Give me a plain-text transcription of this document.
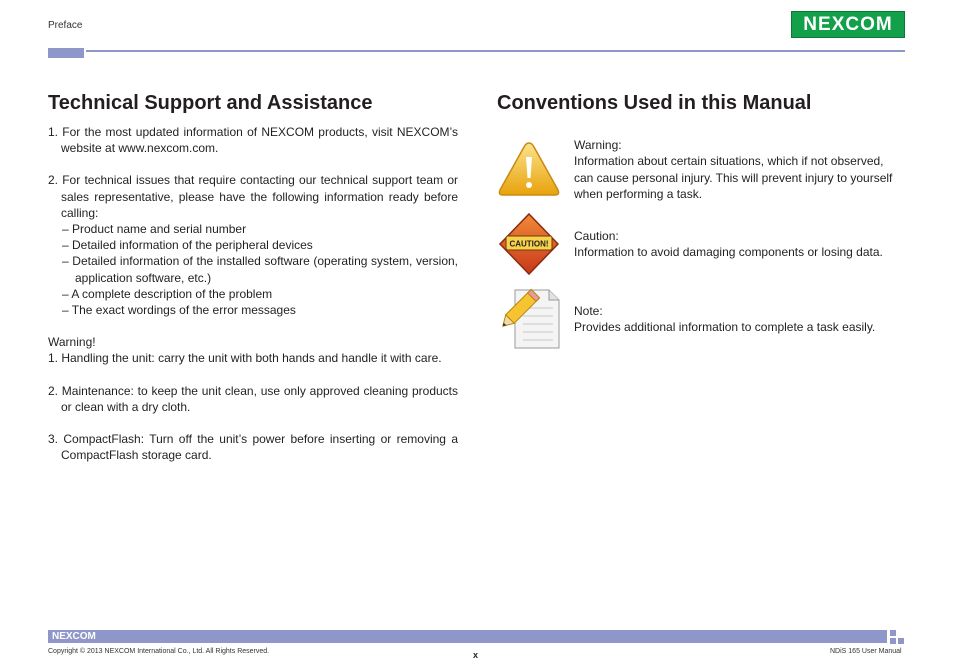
Preface	NEXCOM
Technical Support and Assistance

1. For the most updated information of NEXCOM products, visit NEXCOM’s website at www.nexcom.com.

2. For technical issues that require contacting our technical support team or sales representative, please have the following information ready before calling:

– Product name and serial number

– Detailed information of the peripheral devices

– Detailed information of the installed software (operating system, version, application software, etc.)

– A complete description of the problem

– The exact wordings of the error messages

Warning!

1. Handling the unit: carry the unit with both hands and handle it with care.

2. Maintenance: to keep the unit clean, use only approved cleaning products or clean with a dry cloth.

3. CompactFlash: Turn off the unit’s power before inserting or removing a CompactFlash storage card.

Conventions Used in this Manual
Warning:
Information about certain situations, which if not observed, can cause personal injury. This will prevent injury to yourself when performing a task.
CAUTION!
Caution:
Information to avoid damaging components or losing data.
Note:
Provides additional information to complete a task easily.
NEXCOM
Copyright © 2013 NEXCOM International Co., Ltd. All Rights Reserved.	x	NDiS 165 User Manual
